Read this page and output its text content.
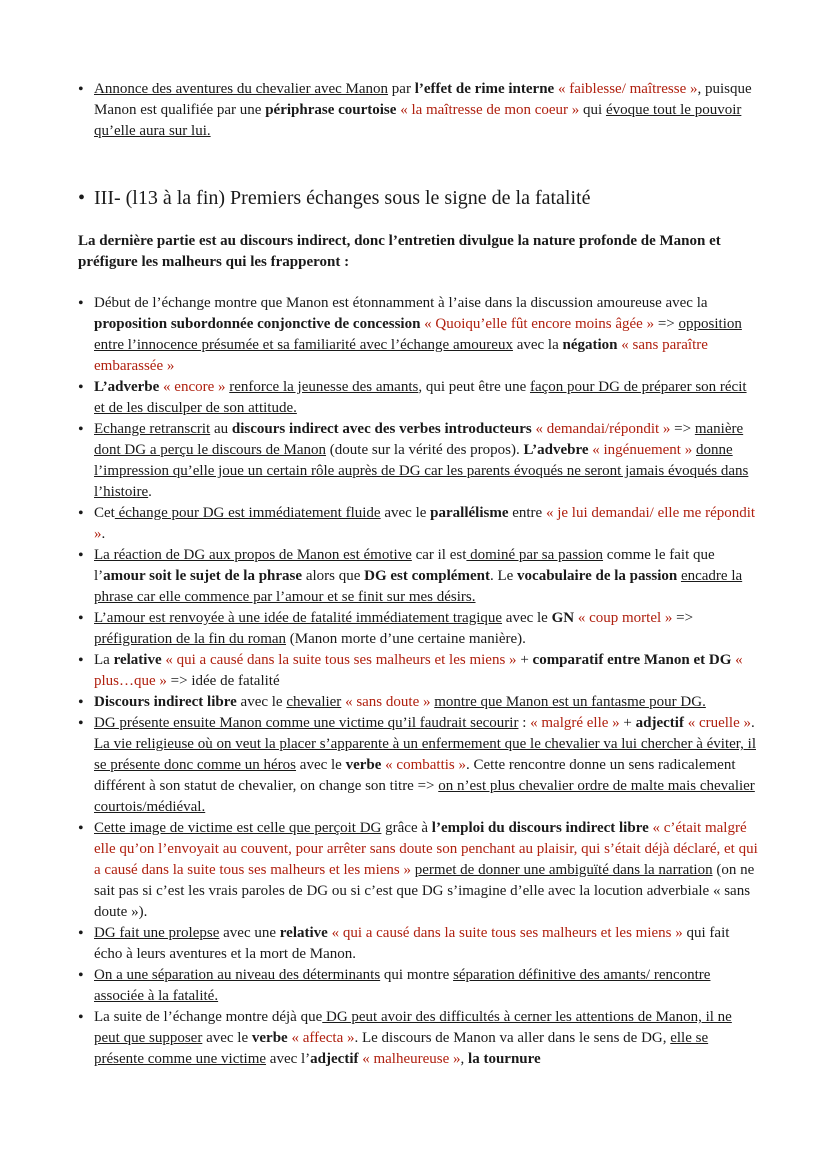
• Annonce des aventures du chevalier avec Manon par l’effet de rime interne « faiblesse/ maîtresse », puisque Manon est qualifiée par une périphrase courtoise « la maîtresse de mon coeur » qui évoque tout le pouvoir qu’elle aura sur lui.
• III- (l13 à la fin) Premiers échanges sous le signe de la fatalité
La dernière partie est au discours indirect, donc l’entretien divulgue la nature profonde de Manon et préfigure les malheurs qui les frapperont :
• Début de l’échange montre que Manon est étonnamment à l’aise dans la discussion amoureuse avec la proposition subordonnée conjonctive de concession « Quoiqu’elle fût encore moins âgée » => opposition entre l’innocence présumée et sa familiarité avec l’échange amoureux avec la négation « sans paraître embarassée »
• L’adverbe « encore » renforce la jeunesse des amants, qui peut être une façon pour DG de préparer son récit et de les disculper de son attitude.
• Echange retranscrit au discours indirect avec des verbes introducteurs « demandai/répondit » => manière dont DG a perçu le discours de Manon (doute sur la vérité des propos). L’advebre « ingénuement » donne l’impression qu’elle joue un certain rôle auprès de DG car les parents évoqués ne seront jamais évoqués dans l’histoire.
• Cet échange pour DG est immédiatement fluide avec le parallélisme entre « je lui demandai/ elle me répondit ».
• La réaction de DG aux propos de Manon est émotive car il est dominé par sa passion comme le fait que l’amour soit le sujet de la phrase alors que DG est complément. Le vocabulaire de la passion encadre la phrase car elle commence par l’amour et se finit sur mes désirs.
• L’amour est renvoyée à une idée de fatalité immédiatement tragique avec le GN « coup mortel » => préfiguration de la fin du roman (Manon morte d’une certaine manière).
• La relative « qui a causé dans la suite tous ses malheurs et les miens » + comparatif entre Manon et DG « plus…que » => idée de fatalité
• Discours indirect libre avec le chevalier « sans doute » montre que Manon est un fantasme pour DG.
• DG présente ensuite Manon comme une victime qu’il faudrait secourir : « malgré elle » + adjectif « cruelle ». La vie religieuse où on veut la placer s’apparente à un enfermement que le chevalier va lui chercher à éviter, il se présente donc comme un héros avec le verbe « combattis ». Cette rencontre donne un sens radicalement différent à son statut de chevalier, on change son titre => on n’est plus chevalier ordre de malte mais chevalier courtois/médiéval.
• Cette image de victime est celle que perçoit DG grâce à l’emploi du discours indirect libre « c’était malgré elle qu’on l’envoyait au couvent, pour arrêter sans doute son penchant au plaisir, qui s’était déjà déclaré, et qui a causé dans la suite tous ses malheurs et les miens » permet de donner une ambiguïté dans la narration (on ne sait pas si c’est les vrais paroles de DG ou si c’est que DG s’imagine d’elle avec la locution adverbiale « sans doute »).
• DG fait une prolepse avec une relative « qui a causé dans la suite tous ses malheurs et les miens » qui fait écho à leurs aventures et la mort de Manon.
• On a une séparation au niveau des déterminants qui montre séparation définitive des amants/ rencontre associée à la fatalité.
• La suite de l’échange montre déjà que DG peut avoir des difficultés à cerner les attentions de Manon, il ne peut que supposer avec le verbe « affecta ». Le discours de Manon va aller dans le sens de DG, elle se présente comme une victime avec l’adjectif « malheureuse », la tournure
